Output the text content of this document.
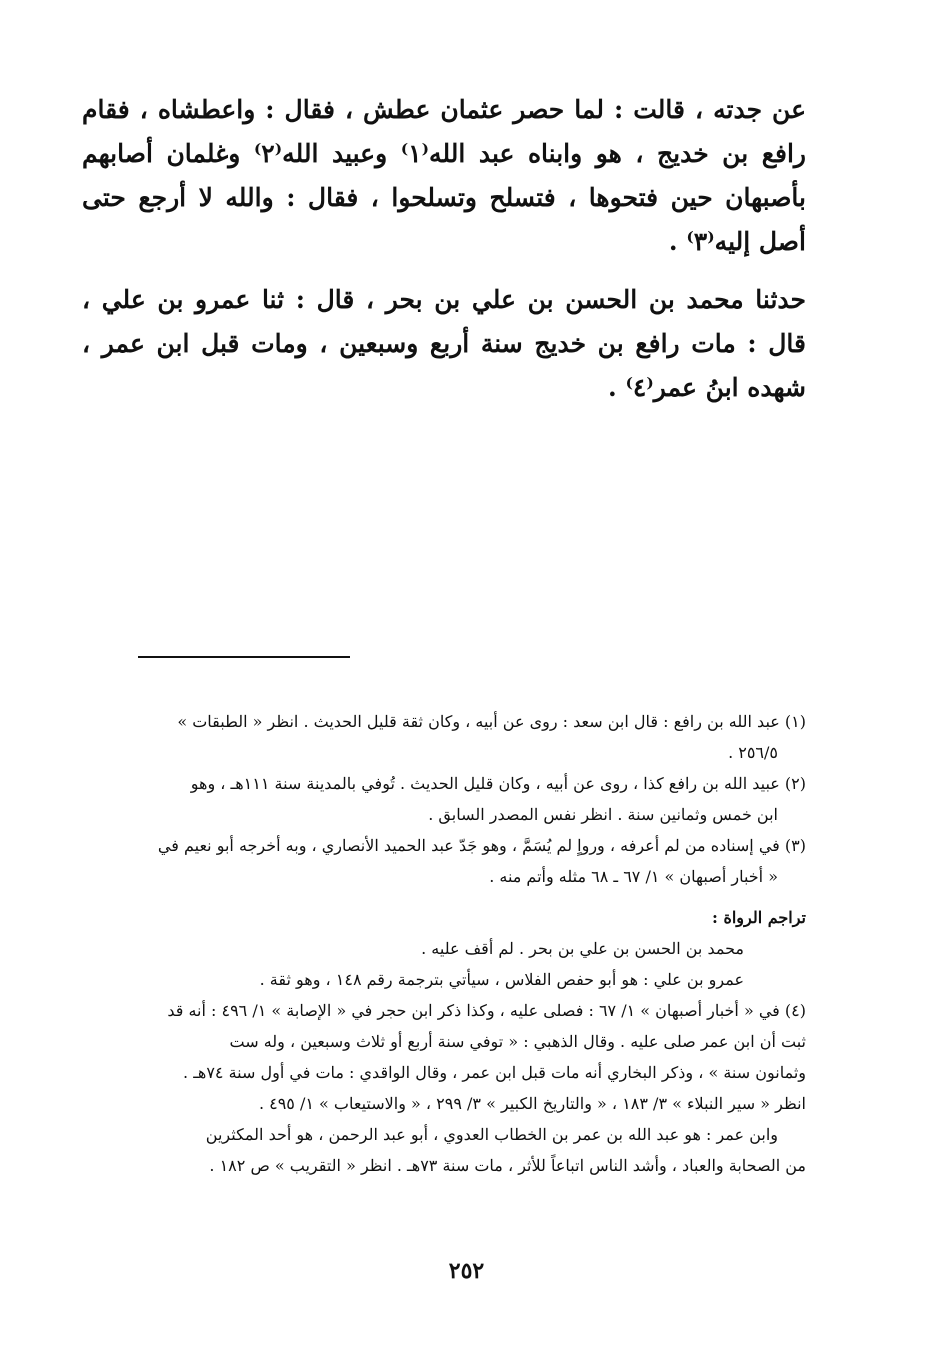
عن جدته ، قالت : لما حصر عثمان عطش ، فقال : واعطشاه ، فقام رافع بن خديج ، هو وابناه عبد الله⁽١⁾ وعبيد الله⁽٢⁾ وغلمان أصابهم بأصبهان حين فتحوها ، فتسلح وتسلحوا ، فقال : والله لا أرجع حتى أصل إليه⁽٣⁾ .

حدثنا محمد بن الحسن بن علي بن بحر ، قال : ثنا عمرو بن علي ، قال : مات رافع بن خديج سنة أربع وسبعين ، ومات قبل ابن عمر ، شهده ابنُ عمر⁽٤⁾ .

(١) عبد الله بن رافع : قال ابن سعد : روى عن أبيه ، وكان ثقة قليل الحديث . انظر « الطبقات »

٢٥٦/٥ .

(٢) عبيد الله بن رافع كذا ، روى عن أبيه ، وكان قليل الحديث . تُوفي بالمدينة سنة ١١١هـ ، وهو

ابن خمس وثمانين سنة . انظر نفس المصدر السابق .

(٣) في إسناده من لم أعرفه ، ورواٍ لم يُسَمَّ ، وهو جَدّ عبد الحميد الأنصاري ، وبه أخرجه أبو نعيم في

« أخبار أصبهان » ١/ ٦٧ ـ ٦٨ مثله وأتم منه .

تراجم الرواة :

محمد بن الحسن بن علي بن بحر . لم أقف عليه .

عمرو بن علي : هو أبو حفص الفلاس ، سيأتي بترجمة رقم ١٤٨ ، وهو ثقة .

(٤) في « أخبار أصبهان » ١/ ٦٧ : فصلى عليه ، وكذا ذكر ابن حجر في « الإصابة » ١/ ٤٩٦ : أنه قد

ثبت أن ابن عمر صلى عليه . وقال الذهبي : « توفي سنة أربع أو ثلاث وسبعين ، وله ست

وثمانون سنة » ، وذكر البخاري أنه مات قبل ابن عمر ، وقال الواقدي : مات في أول سنة ٧٤هـ .

انظر « سير النبلاء » ٣/ ١٨٣ ، « والتاريخ الكبير » ٣/ ٢٩٩ ، « والاستيعاب » ١/ ٤٩٥ .

وابن عمر : هو عبد الله بن عمر بن الخطاب العدوي ، أبو عبد الرحمن ، هو أحد المكثرين

من الصحابة والعباد ، وأشد الناس اتباعاً للأثر ، مات سنة ٧٣هـ . انظر « التقريب » ص ١٨٢ .

٢٥٢
